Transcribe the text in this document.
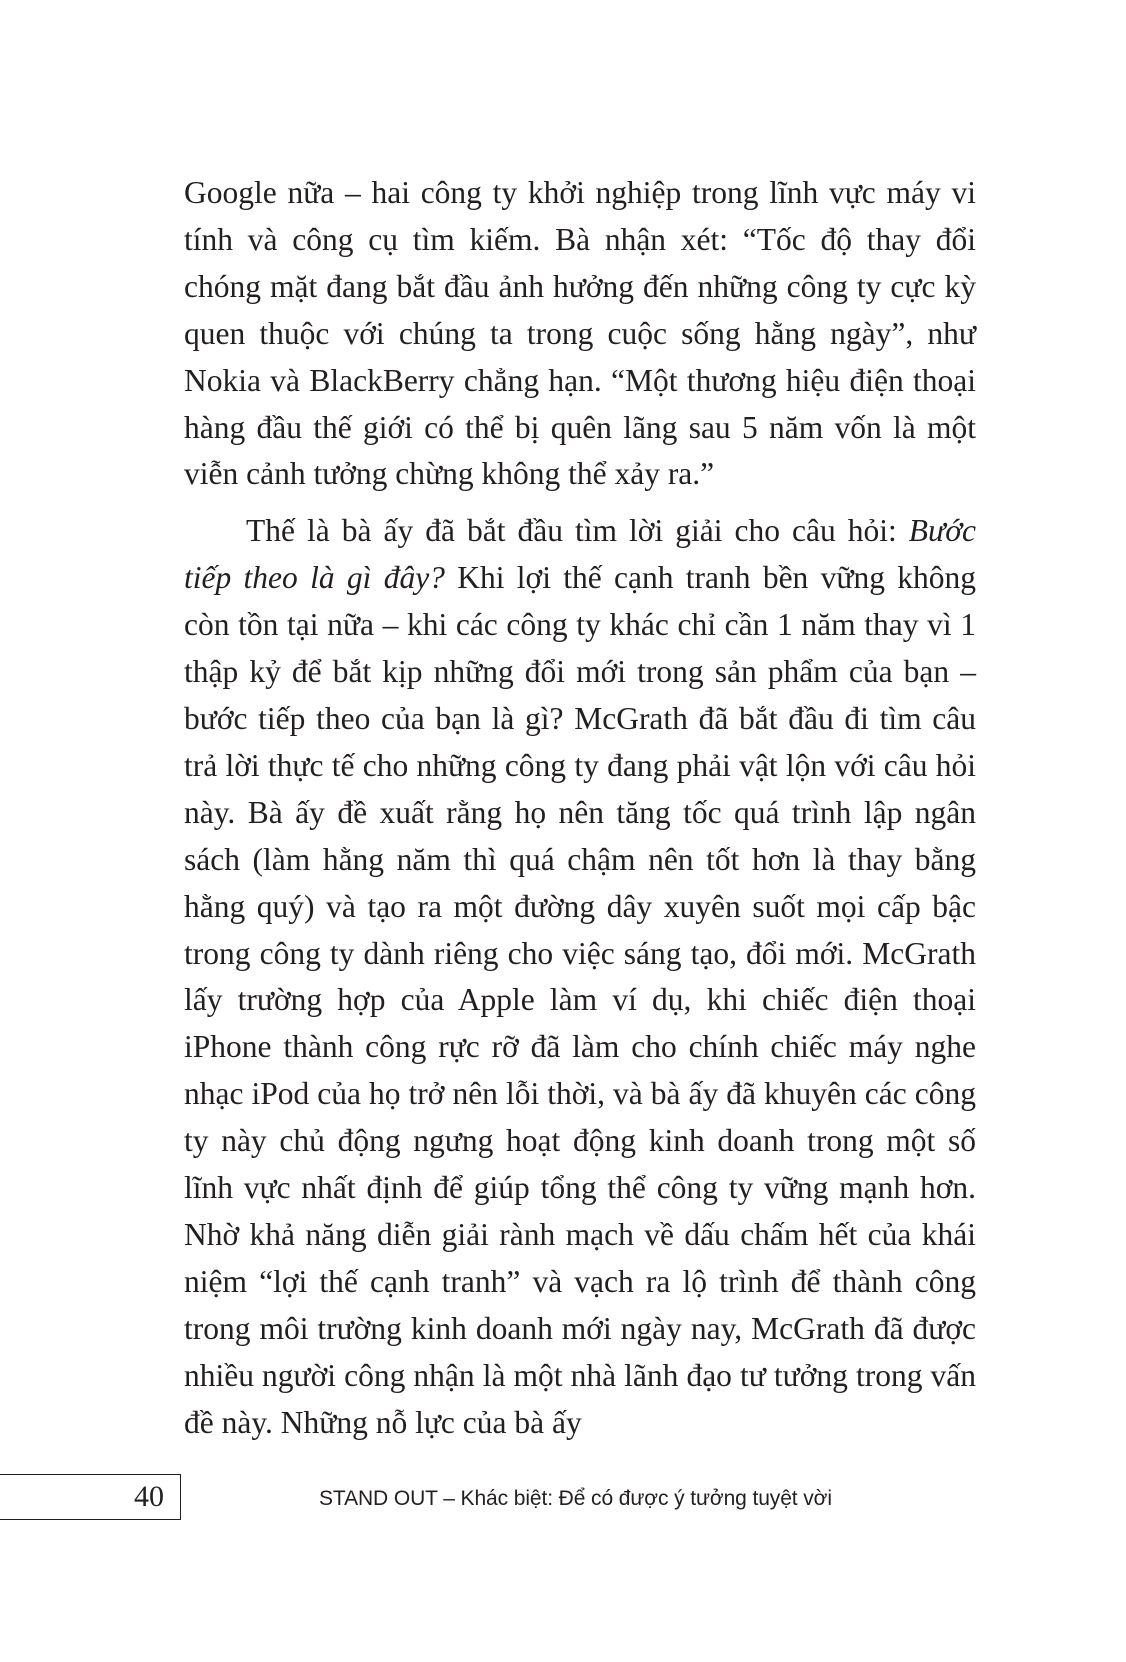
Google nữa – hai công ty khởi nghiệp trong lĩnh vực máy vi tính và công cụ tìm kiếm. Bà nhận xét: “Tốc độ thay đổi chóng mặt đang bắt đầu ảnh hưởng đến những công ty cực kỳ quen thuộc với chúng ta trong cuộc sống hằng ngày”, như Nokia và BlackBerry chẳng hạn. “Một thương hiệu điện thoại hàng đầu thế giới có thể bị quên lãng sau 5 năm vốn là một viễn cảnh tưởng chừng không thể xảy ra.”

Thế là bà ấy đã bắt đầu tìm lời giải cho câu hỏi: Bước tiếp theo là gì đây? Khi lợi thế cạnh tranh bền vững không còn tồn tại nữa – khi các công ty khác chỉ cần 1 năm thay vì 1 thập kỷ để bắt kịp những đổi mới trong sản phẩm của bạn – bước tiếp theo của bạn là gì? McGrath đã bắt đầu đi tìm câu trả lời thực tế cho những công ty đang phải vật lộn với câu hỏi này. Bà ấy đề xuất rằng họ nên tăng tốc quá trình lập ngân sách (làm hằng năm thì quá chậm nên tốt hơn là thay bằng hằng quý) và tạo ra một đường dây xuyên suốt mọi cấp bậc trong công ty dành riêng cho việc sáng tạo, đổi mới. McGrath lấy trường hợp của Apple làm ví dụ, khi chiếc điện thoại iPhone thành công rực rỡ đã làm cho chính chiếc máy nghe nhạc iPod của họ trở nên lỗi thời, và bà ấy đã khuyên các công ty này chủ động ngưng hoạt động kinh doanh trong một số lĩnh vực nhất định để giúp tổng thể công ty vững mạnh hơn. Nhờ khả năng diễn giải rành mạch về dấu chấm hết của khái niệm “lợi thế cạnh tranh” và vạch ra lộ trình để thành công trong môi trường kinh doanh mới ngày nay, McGrath đã được nhiều người công nhận là một nhà lãnh đạo tư tưởng trong vấn đề này. Những nỗ lực của bà ấy

40	STAND OUT – Khác biệt: Để có được ý tưởng tuyệt vời
